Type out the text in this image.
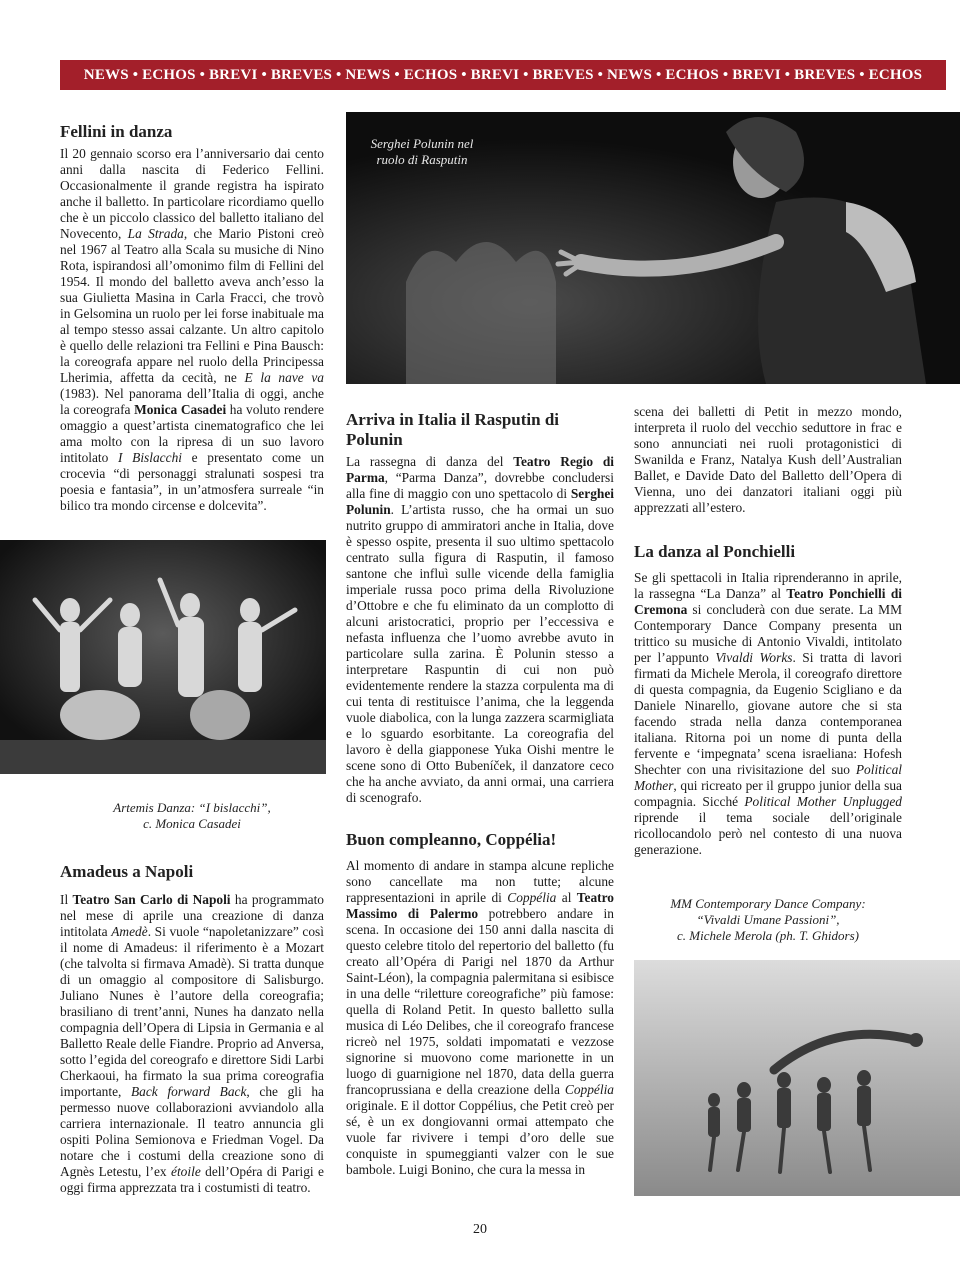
NEWS • ECHOS • BREVI • BREVES • NEWS • ECHOS • BREVI • BREVES • NEWS • ECHOS • BREVI • BREVES • ECHOS
Fellini in danza

Il 20 gennaio scorso era l’anniversario dai cento anni dalla nascita di Federico Fellini. Occasionalmente il grande registra ha ispirato anche il balletto. In particolare ricordiamo quello che è un piccolo classico del balletto italiano del Novecento, La Strada, che Mario Pistoni creò nel 1967 al Teatro alla Scala su musiche di Nino Rota, ispirandosi all’omonimo film di Fellini del 1954. Il mondo del balletto aveva anch’esso la sua Giulietta Masina in Carla Fracci, che trovò in Gelsomina un ruolo per lei forse inabituale ma al tempo stesso assai calzante. Un altro capitolo è quello delle relazioni tra Fellini e Pina Bausch: la coreografa appare nel ruolo della Principessa Lherimia, affetta da cecità, ne E la nave va (1983). Nel panorama dell’Italia di oggi, anche la coreografa Monica Casadei ha voluto rendere omaggio a quest’artista cinematografico che lei ama molto con la ripresa di un suo lavoro intitolato I Bislacchi e presentato come un crocevia “di personaggi stralunati sospesi tra poesia e fantasia”, in un’atmosfera surreale “in bilico tra mondo circense e dolcevita”.

Artemis Danza: “I bislacchi”,
c. Monica Casadei
Amadeus a Napoli

Il Teatro San Carlo di Napoli ha programmato nel mese di aprile una creazione di danza intitolata Amedè. Si vuole “napoletanizzare” così il nome di Amadeus: il riferimento è a Mozart (che talvolta si firmava Amadè). Si tratta dunque di un omaggio al compositore di Salisburgo. Juliano Nunes è l’autore della coreografia; brasiliano di trent’anni, Nunes ha danzato nella compagnia dell’Opera di Lipsia in Germania e al Balletto Reale delle Fiandre. Proprio ad Anversa, sotto l’egida del coreografo e direttore Sidi Larbi Cherkaoui, ha firmato la sua prima coreografia importante, Back forward Back, che gli ha permesso nuove collaborazioni avviandolo alla carriera internazionale. Il teatro annuncia gli ospiti Polina Semionova e Friedman Vogel. Da notare che i costumi della creazione sono di Agnès Letestu, l’ex étoile dell’Opéra di Parigi e oggi firma apprezzata tra i costumisti di teatro.

Serghei Polunin nel
ruolo di Rasputin
Arriva in Italia il Rasputin di Polunin

La rassegna di danza del Teatro Regio di Parma, “Parma Danza”, dovrebbe concludersi alla fine di maggio con uno spettacolo di Serghei Polunin. L’artista russo, che ha ormai un suo nutrito gruppo di ammiratori anche in Italia, dove è spesso ospite, presenta il suo ultimo spettacolo centrato sulla figura di Rasputin, il famoso santone che influì sulle vicende della famiglia imperiale russa poco prima della Rivoluzione d’Ottobre e che fu eliminato da un complotto di alcuni aristocratici, proprio per l’eccessiva e nefasta influenza che l’uomo avrebbe avuto in particolare sulla zarina. È Polunin stesso a interpretare Raspuntin di cui non può evidentemente rendere la stazza corpulenta ma di cui tenta di restituisce l’anima, che la leggenda vuole diabolica, con la lunga zazzera scarmigliata e lo sguardo esorbitante. La coreografia del lavoro è della giapponese Yuka Oishi mentre le scene sono di Otto Bubeníček, il danzatore ceco che ha anche avviato, da anni ormai, una carriera di scenografo.

Buon compleanno, Coppélia!

Al momento di andare in stampa alcune repliche sono cancellate ma non tutte; alcune rappresentazioni in aprile di Coppélia al Teatro Massimo di Palermo potrebbero andare in scena. In occasione dei 150 anni dalla nascita di questo celebre titolo del repertorio del balletto (fu creato all’Opéra di Parigi nel 1870 da Arthur Saint-Léon), la compagnia palermitana si esibisce in una delle “riletture coreografiche” più famose: quella di Roland Petit. In questo balletto sulla musica di Léo Delibes, che il coreografo francese ricreò nel 1975, soldati impomatati e vezzose signorine si muovono come marionette in un luogo di guarnigione nel 1870, data della guerra francoprussiana e della creazione della Coppélia originale. E il dottor Coppélius, che Petit creò per sé, è un ex dongiovanni ormai attempato che vuole far rivivere i tempi d’oro delle sue conquiste in spumeggianti valzer con le sue bambole. Luigi Bonino, che cura la messa in

scena dei balletti di Petit in mezzo mondo, interpreta il ruolo del vecchio seduttore in frac e sono annunciati nei ruoli protagonistici di Swanilda e Franz, Natalya Kush dell’Australian Ballet, e Davide Dato del Balletto dell’Opera di Vienna, uno dei danzatori italiani oggi più apprezzati all’estero.

La danza al Ponchielli

Se gli spettacoli in Italia riprenderanno in aprile, la rassegna “La Danza” al Teatro Ponchielli di Cremona si concluderà con due serate. La MM Contemporary Dance Company presenta un trittico su musiche di Antonio Vivaldi, intitolato per l’appunto Vivaldi Works. Si tratta di lavori firmati da Michele Merola, il coreografo direttore di questa compagnia, da Eugenio Scigliano e da Daniele Ninarello, giovane autore che si sta facendo strada nella danza contemporanea italiana. Ritorna poi un nome di punta della fervente e ‘impegnata’ scena israeliana: Hofesh Shechter con una rivisitazione del suo Political Mother, qui ricreato per il gruppo junior della sua compagnia. Sicché Political Mother Unplugged riprende il tema sociale dell’originale ricollocandolo però nel contesto di una nuova generazione.

MM Contemporary Dance Company:
“Vivaldi Umane Passioni”,
c. Michele Merola (ph. T. Ghidors)
20
